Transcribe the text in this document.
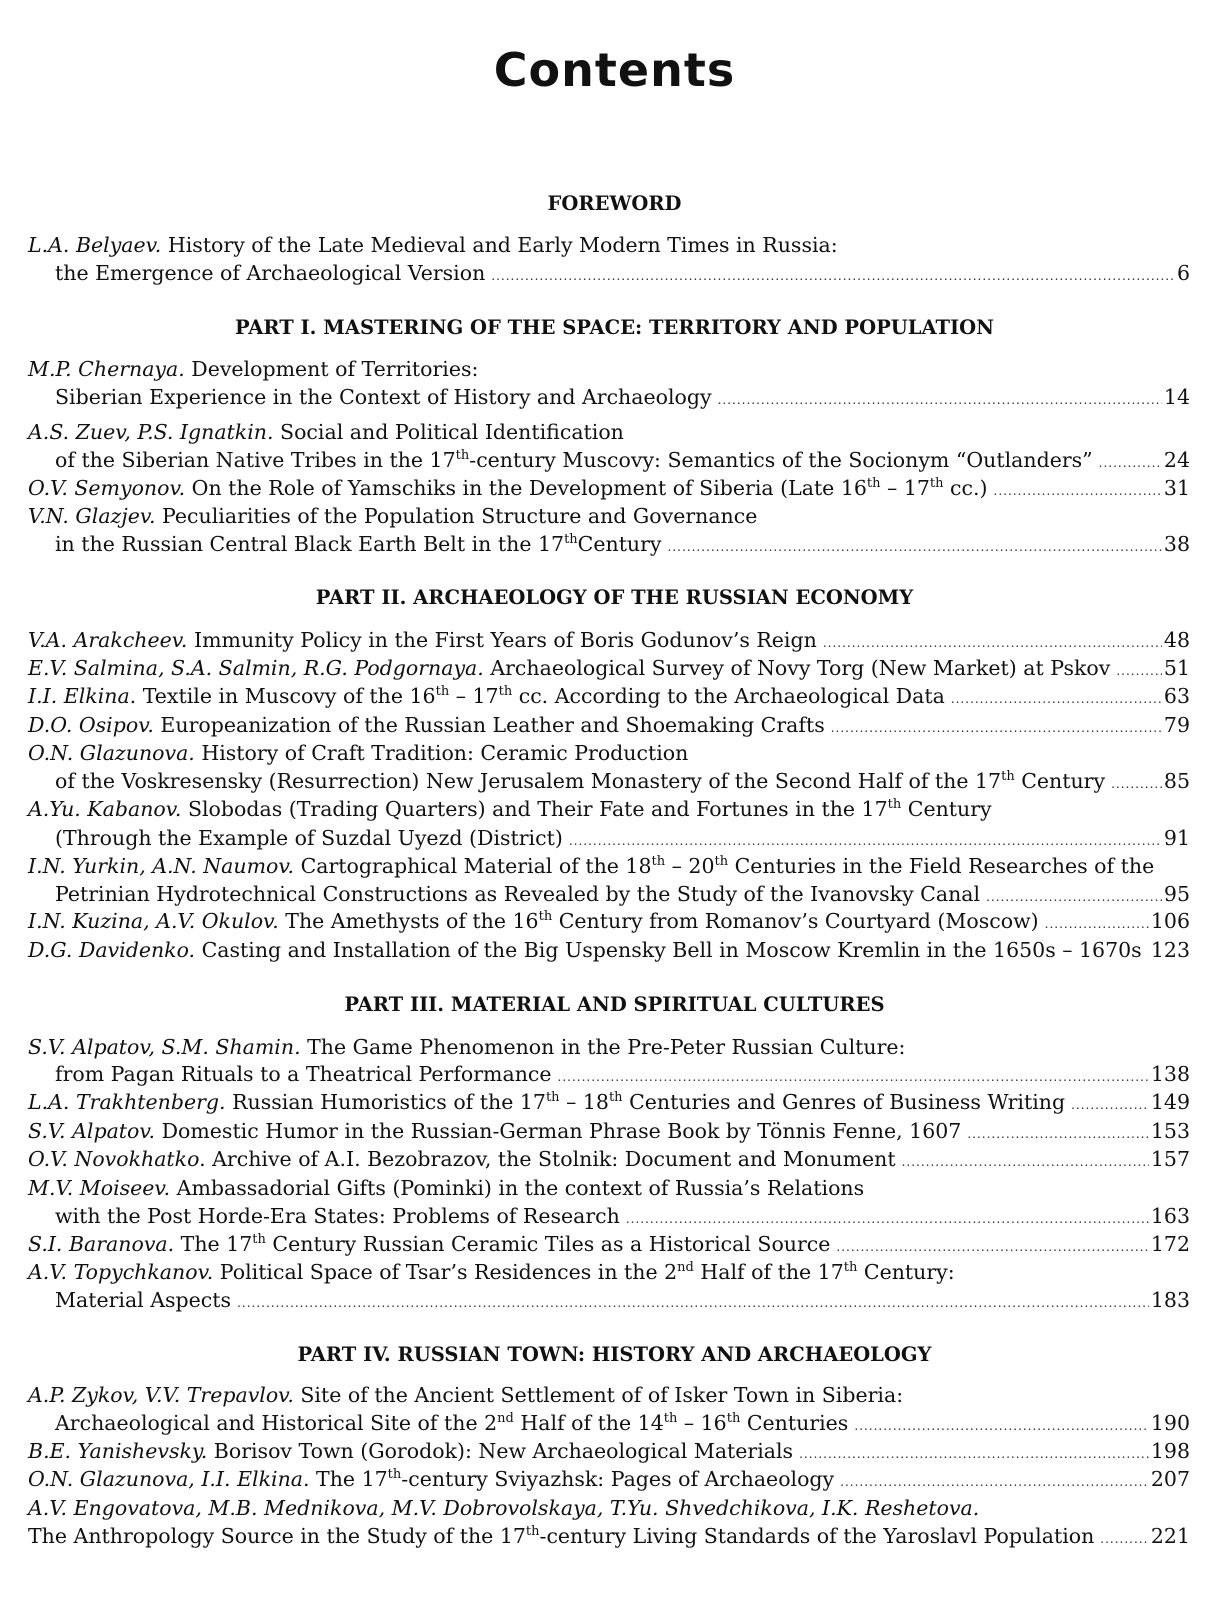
Contents
FOREWORD
L.A. Belyaev. History of the Late Medieval and Early Modern Times in Russia:
the Emergence of Archaeological Version .....	6
PART I. MASTERING OF THE SPACE: TERRITORY AND POPULATION
M.P. Chernaya. Development of Territories:
Siberian Experience in the Context of History and Archaeology .....	14
A.S. Zuev, P.S. Ignatkin. Social and Political Identification
of the Siberian Native Tribes in the 17th-century Muscovy: Semantics of the Socionym “Outlanders” .....	24
O.V. Semyonov. On the Role of Yamschiks in the Development of Siberia (Late 16th – 17th cc.) .....	31
V.N. Glazjev. Peculiarities of the Population Structure and Governance
in the Russian Central Black Earth Belt in the 17thCentury .....	38
PART II. ARCHAEOLOGY OF THE RUSSIAN ECONOMY
V.A. Arakcheev. Immunity Policy in the First Years of Boris Godunov’s Reign .....	48
E.V. Salmina, S.A. Salmin, R.G. Podgornaya. Archaeological Survey of Novy Torg (New Market) at Pskov .....	51
I.I. Elkina. Textile in Muscovy of the 16th – 17th cc. According to the Archaeological Data .....	63
D.O. Osipov. Europeanization of the Russian Leather and Shoemaking Crafts .....	79
O.N. Glazunova. History of Craft Tradition: Ceramic Production
of the Voskresensky (Resurrection) New Jerusalem Monastery of the Second Half of the 17th Century .....	85
A.Yu. Kabanov. Slobodas (Trading Quarters) and Their Fate and Fortunes in the 17th Century
(Through the Example of Suzdal Uyezd (District) .....	91
I.N. Yurkin, A.N. Naumov. Cartographical Material of the 18th – 20th Centuries in the Field Researches of the
Petrinian Hydrotechnical Constructions as Revealed by the Study of the Ivanovsky Canal .....	95
I.N. Kuzina, A.V. Okulov. The Amethysts of the 16th Century from Romanov’s Courtyard (Moscow) .....	106
D.G. Davidenko. Casting and Installation of the Big Uspensky Bell in Moscow Kremlin in the 1650s – 1670s ..... 123
PART III. MATERIAL AND SPIRITUAL CULTURES
S.V. Alpatov, S.M. Shamin. The Game Phenomenon in the Pre-Peter Russian Culture:
from Pagan Rituals to a Theatrical Performance .....	138
L.A. Trakhtenberg. Russian Humoristics of the 17th – 18th Centuries and Genres of Business Writing .....	149
S.V. Alpatov. Domestic Humor in the Russian-German Phrase Book by Tönnis Fenne, 1607 .....	153
O.V. Novokhatko. Archive of A.I. Bezobrazov, the Stolnik: Document and Monument .....	157
M.V. Moiseev. Ambassadorial Gifts (Pominki) in the context of Russia’s Relations
with the Post Horde-Era States: Problems of Research .....	163
S.I. Baranova. The 17th Century Russian Ceramic Tiles as a Historical Source .....	172
A.V. Topychkanov. Political Space of Tsar’s Residences in the 2nd Half of the 17th Century:
Material Aspects .....	183
PART IV. RUSSIAN TOWN: HISTORY AND ARCHAEOLOGY
A.P. Zykov, V.V. Trepavlov. Site of the Ancient Settlement of of Isker Town in Siberia:
Archaeological and Historical Site of the 2nd Half of the 14th – 16th Centuries .....	190
B.E. Yanishevsky. Borisov Town (Gorodok): New Archaeological Materials .....	198
O.N. Glazunova, I.I. Elkina. The 17th-century Sviyazhsk: Pages of Archaeology .....	207
A.V. Engovatova, M.B. Mednikova, M.V. Dobrovolskaya, T.Yu. Shvedchikova, I.K. Reshetova.
The Anthropology Source in the Study of the 17th-century Living Standards of the Yaroslavl Population .....	221
